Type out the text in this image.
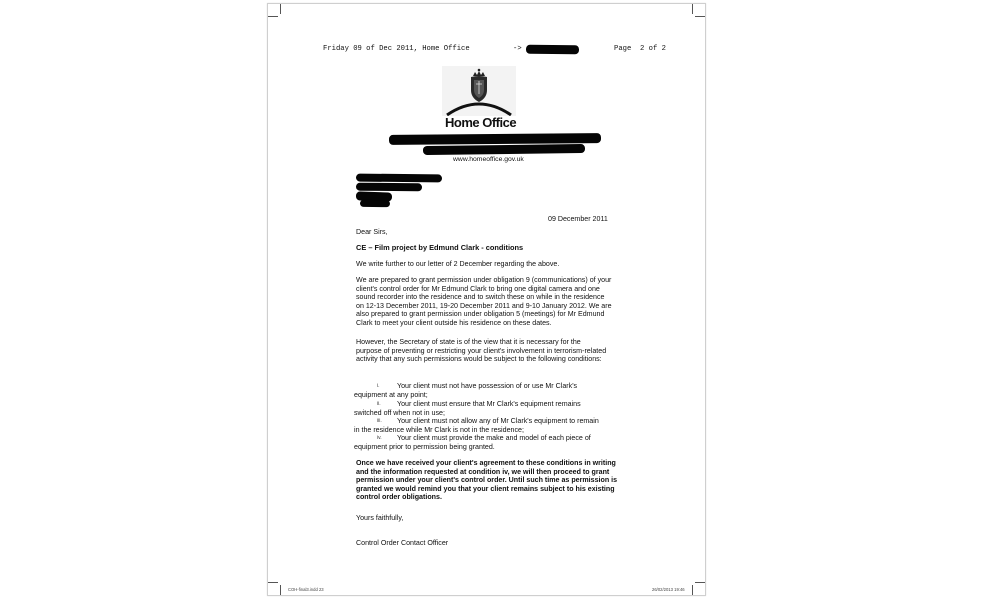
Friday 09 of Dec 2011, Home Office	->	Page 2 of 2
Home Office
www.homeoffice.gov.uk
09 December 2011
Dear Sirs,
CE – Film project by Edmund Clark - conditions
We write further to our letter of 2 December regarding the above.
We are prepared to grant permission under obligation 9 (communications) of your client's control order for Mr Edmund Clark to bring one digital camera and one sound recorder into the residence and to switch these on while in the residence on 12-13 December 2011, 19-20 December 2011 and 9-10 January 2012. We are also prepared to grant permission under obligation 5 (meetings) for Mr Edmund Clark to meet your client outside his residence on these dates.
However, the Secretary of state is of the view that it is necessary for the purpose of preventing or restricting your client's involvement in terrorism-related activity that any such permissions would be subject to the following conditions:
i.	Your client must not have possession of or use Mr Clark's
equipment at any point;
ii.	Your client must ensure that Mr Clark's equipment remains
switched off when not in use;
iii.	Your client must not allow any of Mr Clark's equipment to remain
in the residence while Mr Clark is not in the residence;
iv.	Your client must provide the make and model of each piece of
equipment prior to permission being granted.
Once we have received your client's agreement to these conditions in writing and the information requested at condition iv, we will then proceed to grant permission under your client's control order. Until such time as permission is granted we would remind you that your client remains subject to his existing control order obligations.
Yours faithfully,
Control Order Contact Officer
COH-final3.indd 23	26/02/2013 19:46
